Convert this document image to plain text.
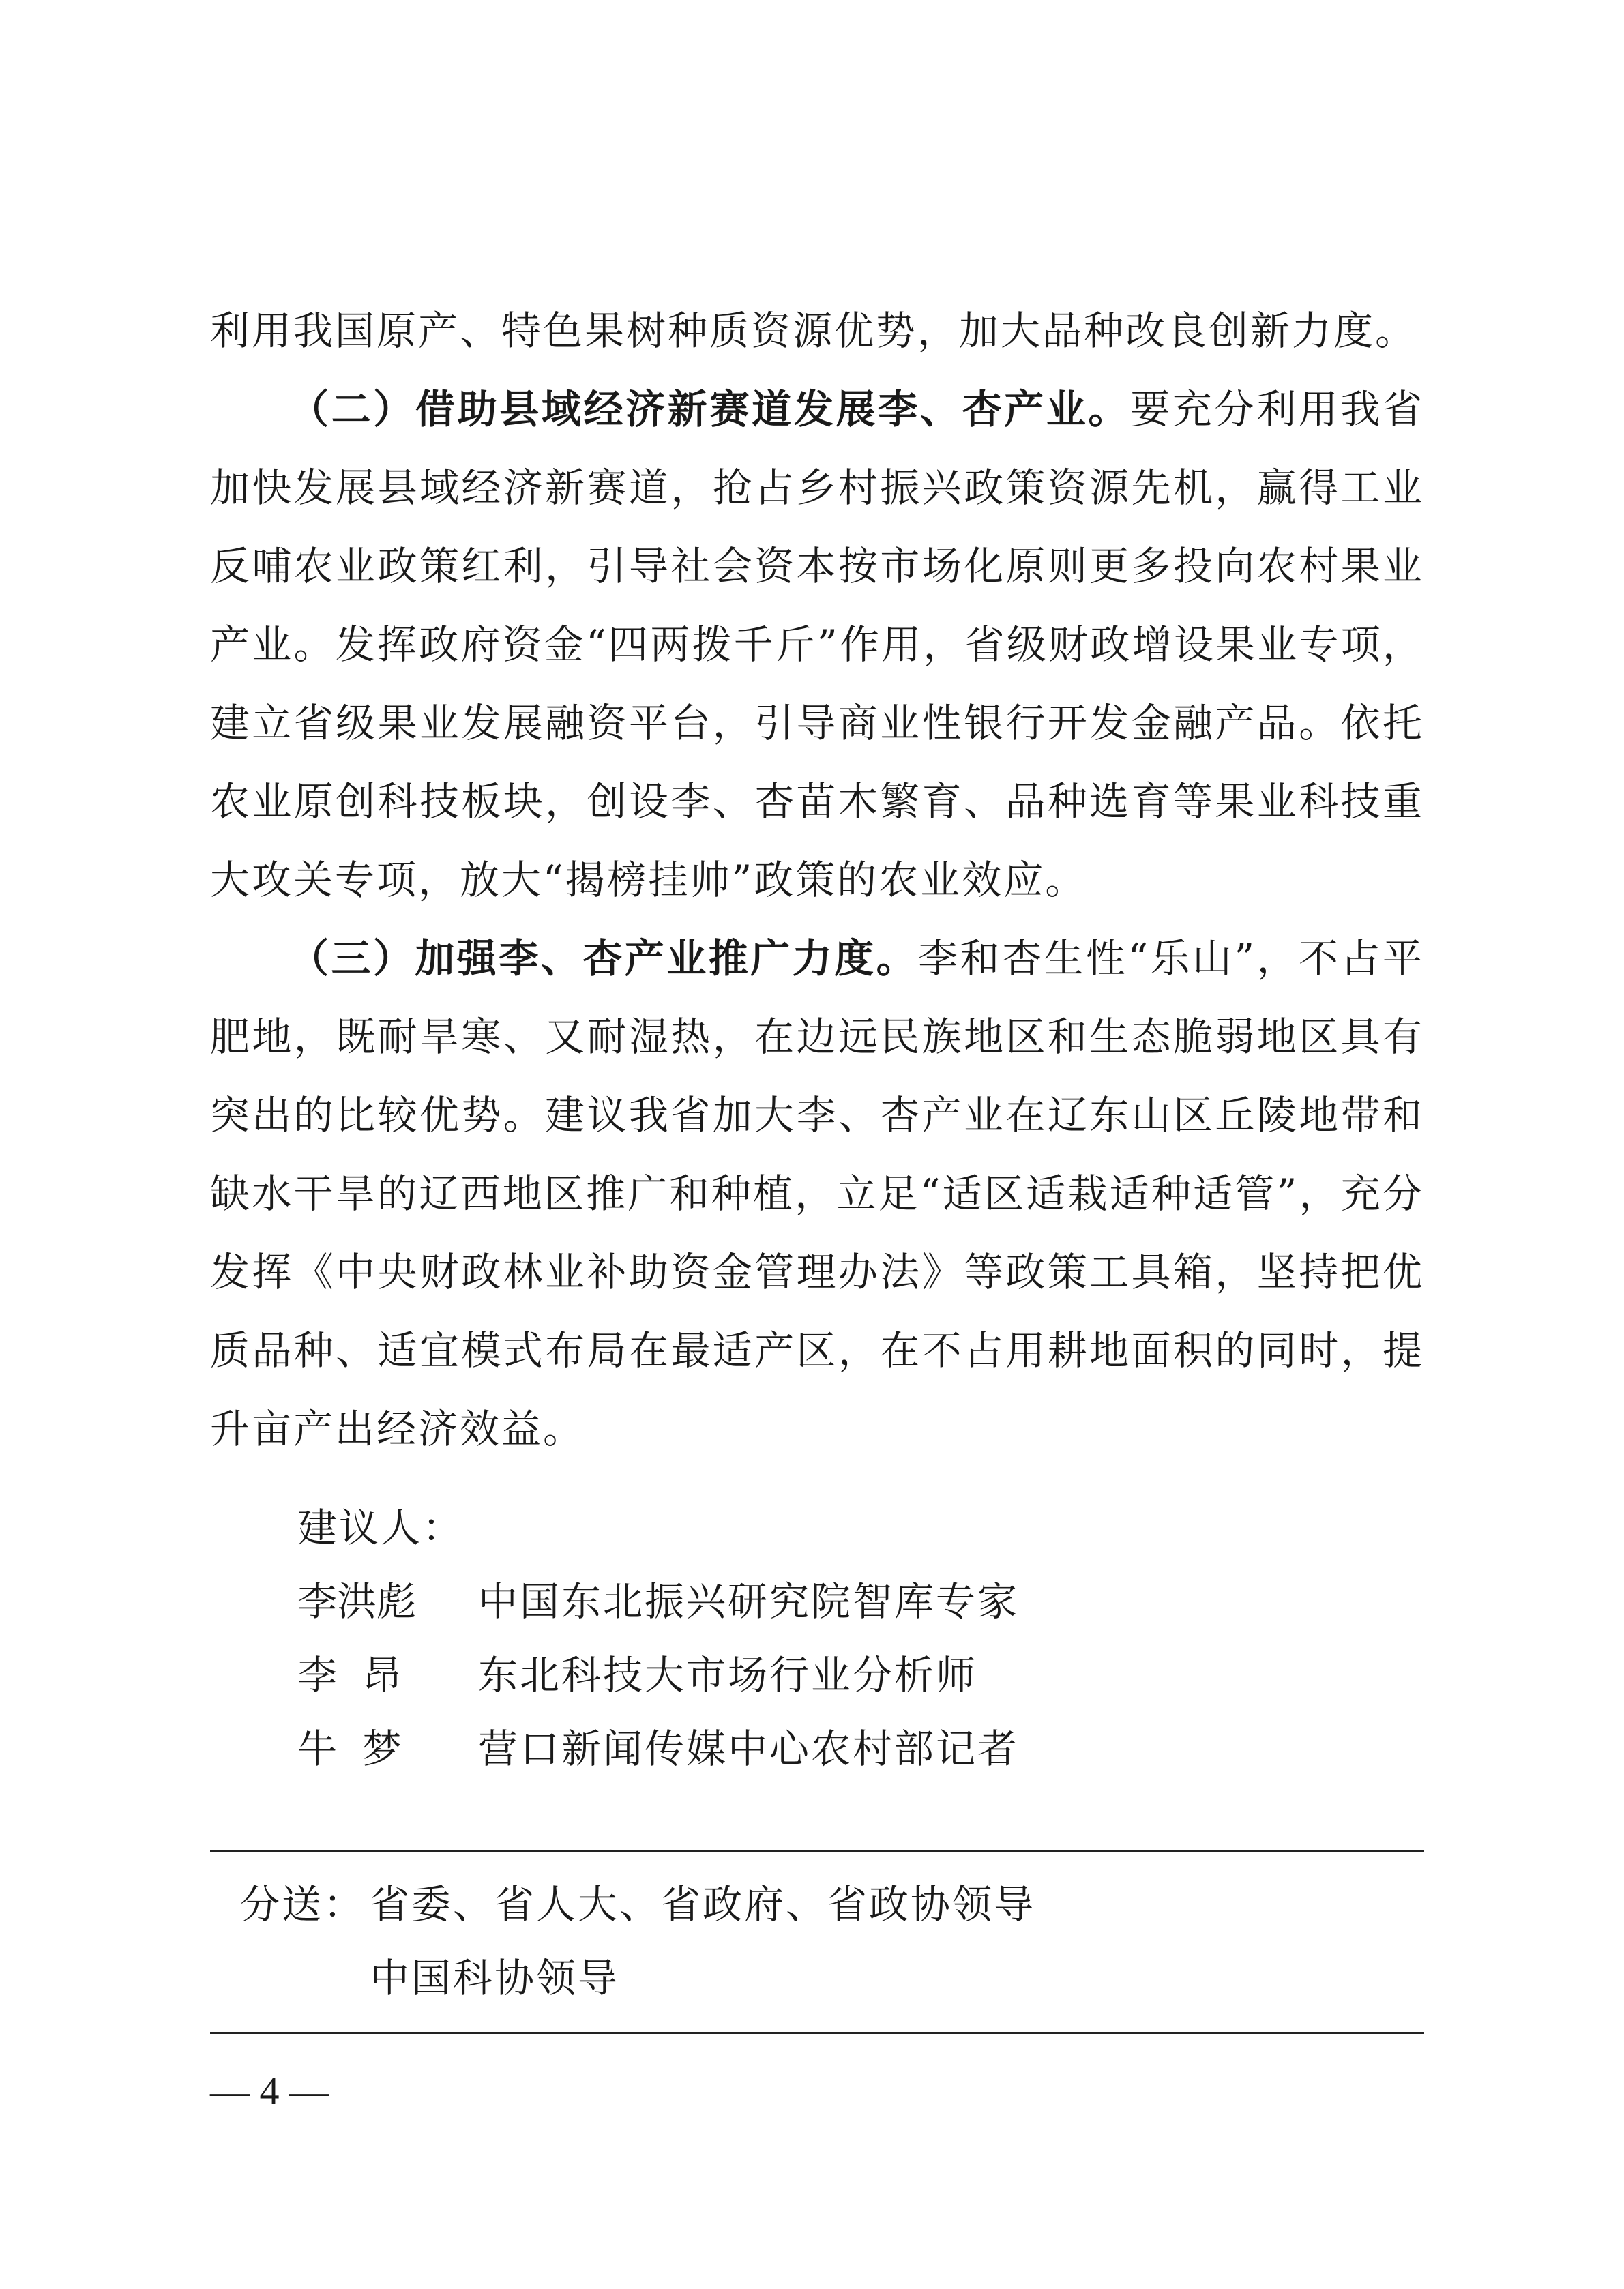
利用我国原产、特色果树种质资源优势，加大品种改良创新力度。

（二）借助县域经济新赛道发展李、杏产业。要充分利用我省加快发展县域经济新赛道，抢占乡村振兴政策资源先机，赢得工业反哺农业政策红利，引导社会资本按市场化原则更多投向农村果业产业。发挥政府资金“四两拨千斤”作用，省级财政增设果业专项，建立省级果业发展融资平台，引导商业性银行开发金融产品。依托农业原创科技板块，创设李、杏苗木繁育、品种选育等果业科技重大攻关专项，放大“揭榜挂帅”政策的农业效应。

（三）加强李、杏产业推广力度。李和杏生性“乐山”，不占平肥地，既耐旱寒、又耐湿热，在边远民族地区和生态脆弱地区具有突出的比较优势。建议我省加大李、杏产业在辽东山区丘陵地带和缺水干旱的辽西地区推广和种植，立足“适区适栽适种适管”，充分发挥《中央财政林业补助资金管理办法》等政策工具箱，坚持把优质品种、适宜模式布局在最适产区，在不占用耕地面积的同时，提升亩产出经济效益。

建议人：
李洪彪	中国东北振兴研究院智库专家
李  昂	东北科技大市场行业分析师
牛  梦	营口新闻传媒中心农村部记者
分送： 省委、省人大、省政府、省政协领导
中国科协领导
— 4 —
